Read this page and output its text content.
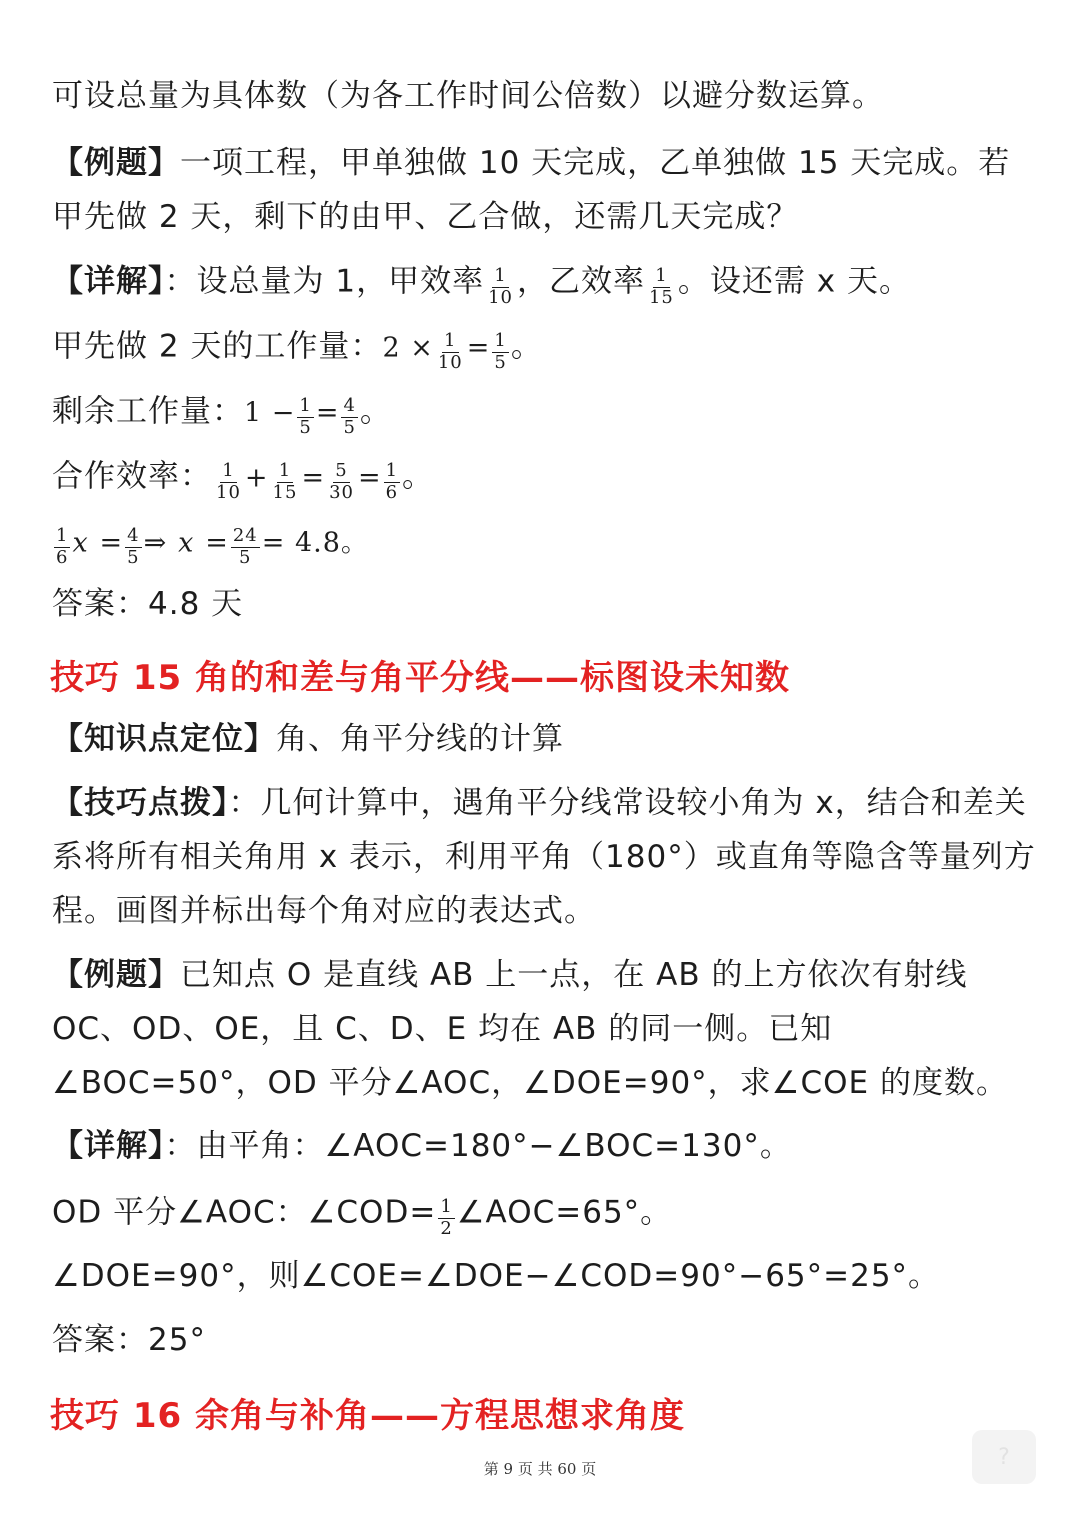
可设总量为具体数（为各工作时间公倍数）以避分数运算。
【例题】一项工程，甲单独做 10 天完成，乙单独做 15 天完成。若甲先做 2 天，剩下的由甲、乙合做，还需几天完成？
【详解】：设总量为 1，甲效率 $\frac{1}{10}$ ，乙效率 $\frac{1}{15}$ 。设还需 x 天。
甲先做 2 天的工作量：$2 \times \frac{1}{10} = \frac{1}{5}$ 。
剩余工作量：$1 - \frac{1}{5} = \frac{4}{5}$ 。
合作效率： $\frac{1}{10} + \frac{1}{15} = \frac{5}{30} = \frac{1}{6}$ 。
$\frac{1}{6}$ $x = \frac{4}{5}$ ⇒ $x = \frac{24}{5} = 4.8$。
答案：4.8 天
技巧 15 角的和差与角平分线——标图设未知数
【知识点定位】角、角平分线的计算
【技巧点拨】：几何计算中，遇角平分线常设较小角为 x，结合和差关系将所有相关角用 x 表示，利用平角（180°）或直角等隐含等量列方程。画图并标出每个角对应的表达式。
【例题】已知点 O 是直线 AB 上一点，在 AB 的上方依次有射线 OC、OD、OE，且 C、D、E 均在 AB 的同一侧。已知∠BOC=50°，OD 平分∠AOC，∠DOE=90°，求∠COE 的度数。
【详解】：由平角：∠AOC=180°−∠BOC=130°。
OD 平分∠AOC：∠COD= $\frac{1}{2}$ ∠AOC=65°。
∠DOE=90°，则∠COE=∠DOE−∠COD=90°−65°=25°。
答案：25°
技巧 16 余角与补角——方程思想求角度
第 9 页 共 60 页	?
